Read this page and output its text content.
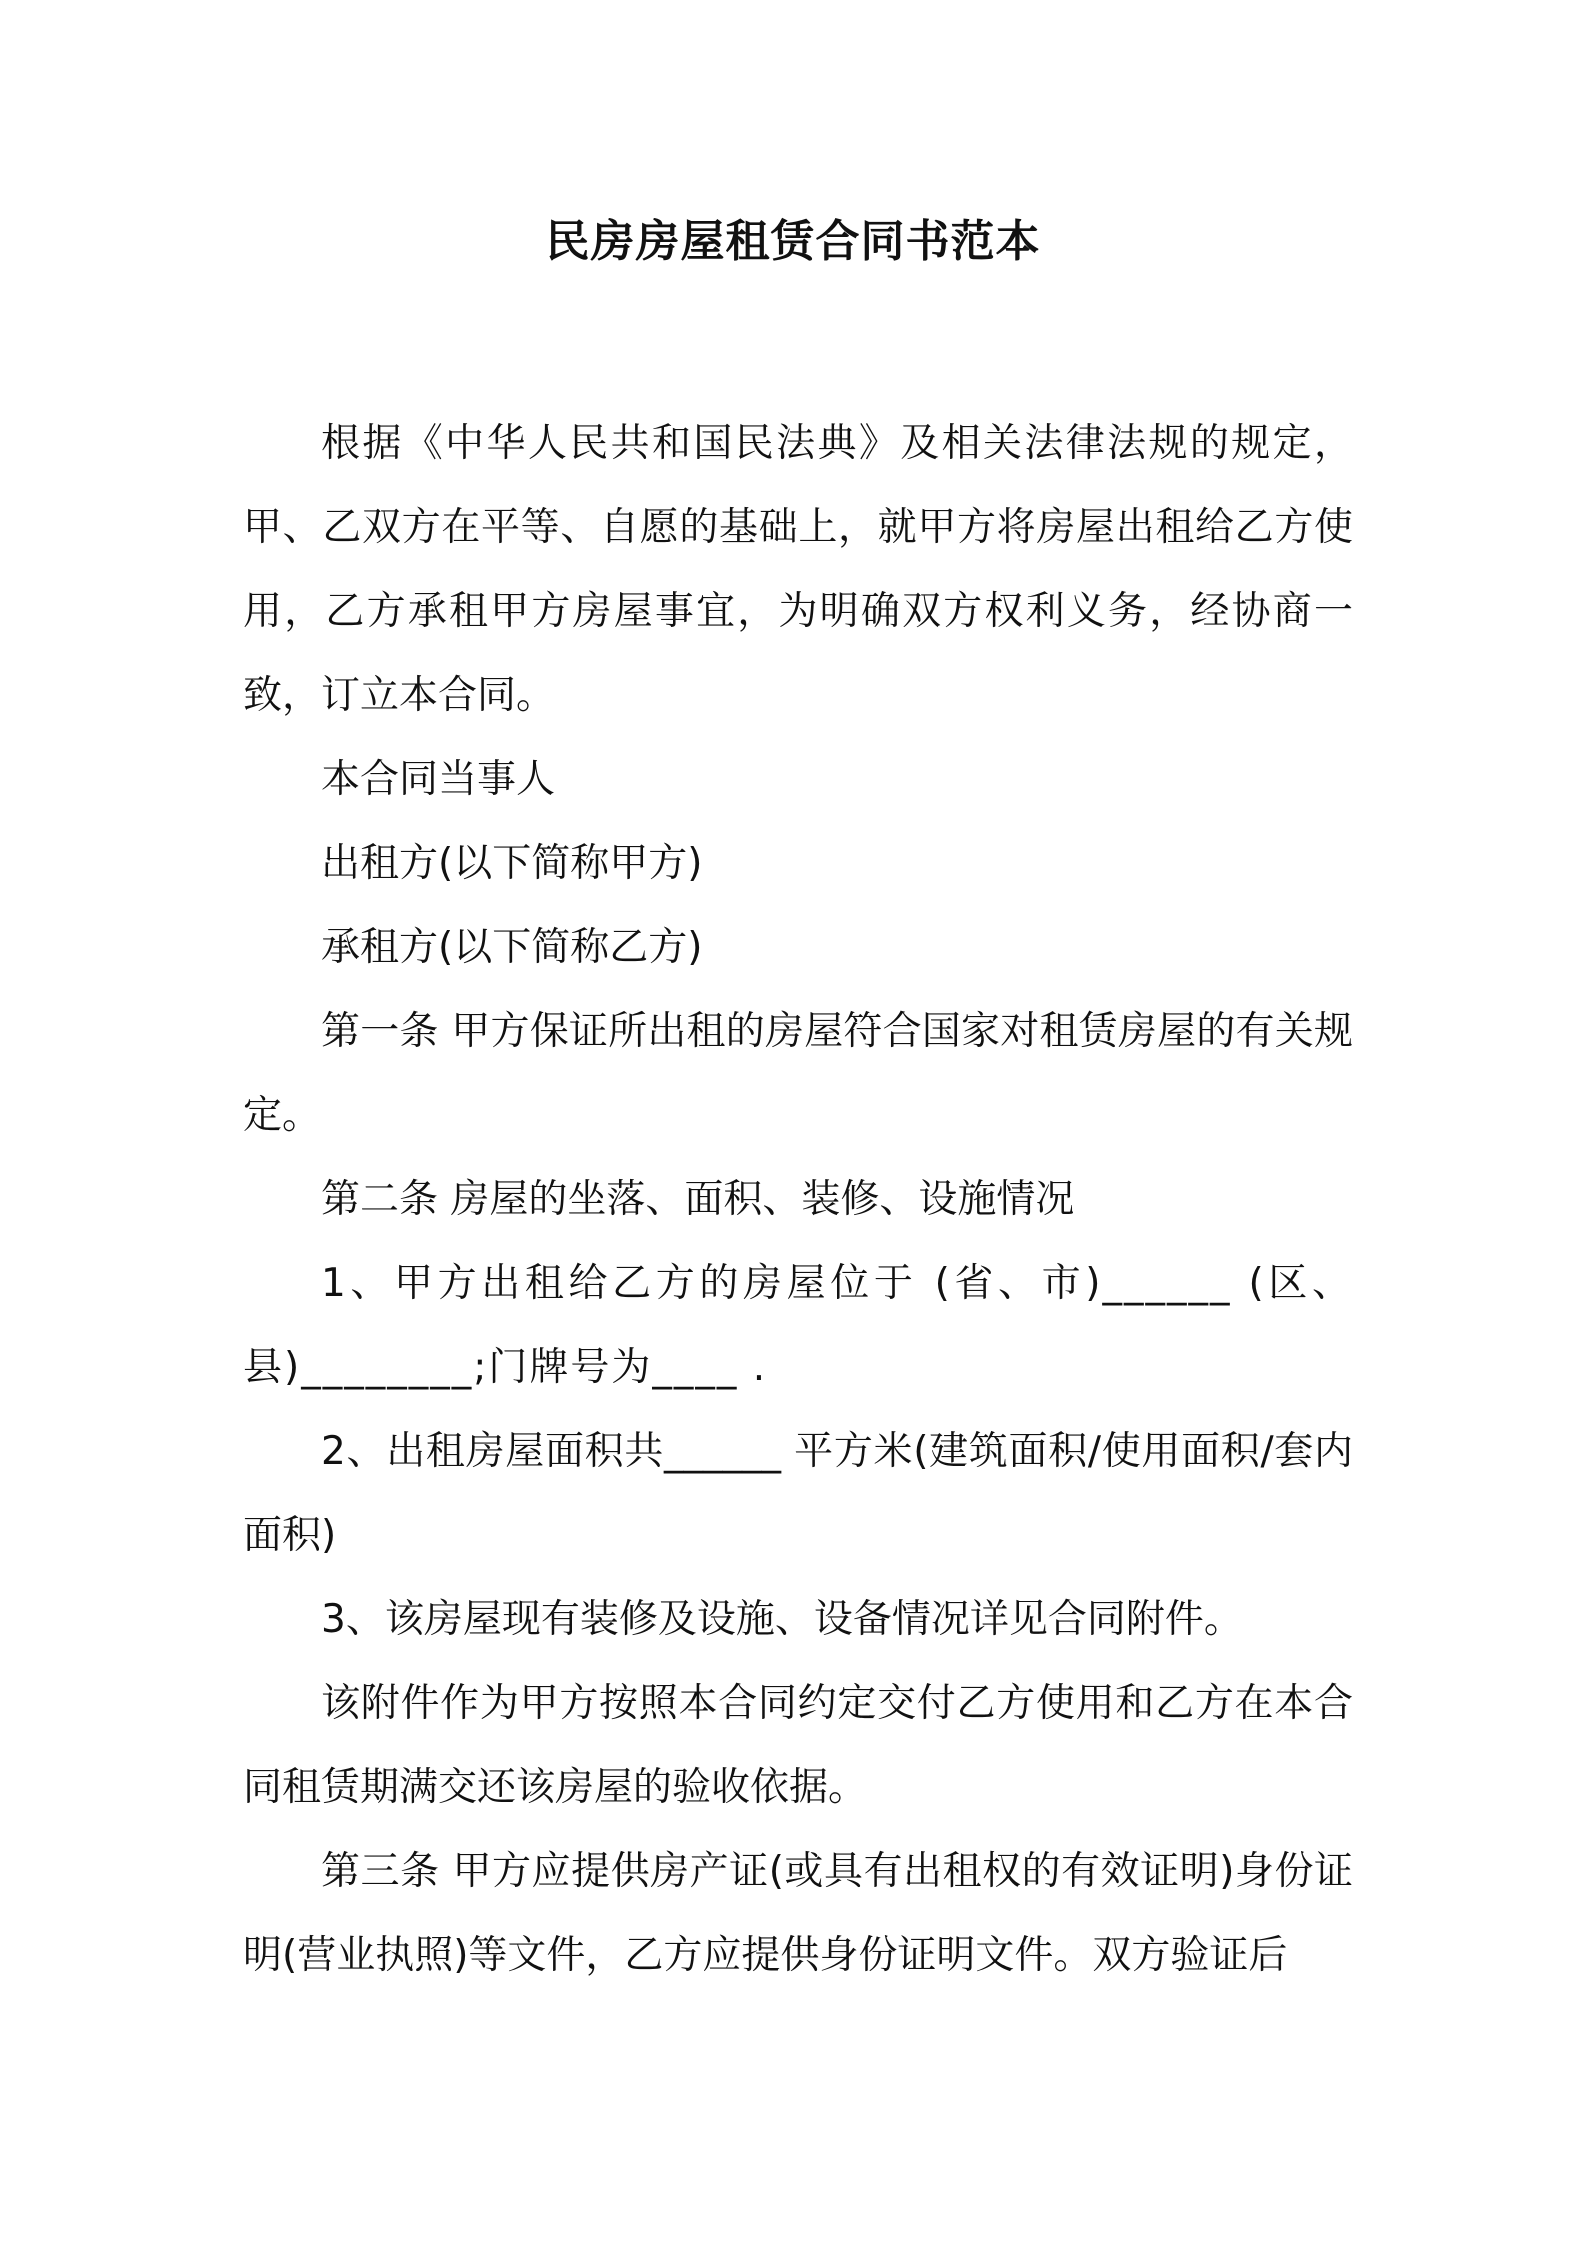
民房房屋租赁合同书范本

根据《中华人民共和国民法典》及相关法律法规的规定，甲、乙双方在平等、自愿的基础上，就甲方将房屋出租给乙方使用，乙方承租甲方房屋事宜，为明确双方权利义务，经协商一致，订立本合同。

本合同当事人

出租方(以下简称甲方)

承租方(以下简称乙方)

第一条 甲方保证所出租的房屋符合国家对租赁房屋的有关规定。

第二条 房屋的坐落、面积、装修、设施情况

1、甲方出租给乙方的房屋位于 (省、市)______ (区、县)________;门牌号为____ .

2、出租房屋面积共______ 平方米(建筑面积/使用面积/套内面积)

3、该房屋现有装修及设施、设备情况详见合同附件。

该附件作为甲方按照本合同约定交付乙方使用和乙方在本合同租赁期满交还该房屋的验收依据。

第三条 甲方应提供房产证(或具有出租权的有效证明)身份证明(营业执照)等文件，乙方应提供身份证明文件。双方验证后
